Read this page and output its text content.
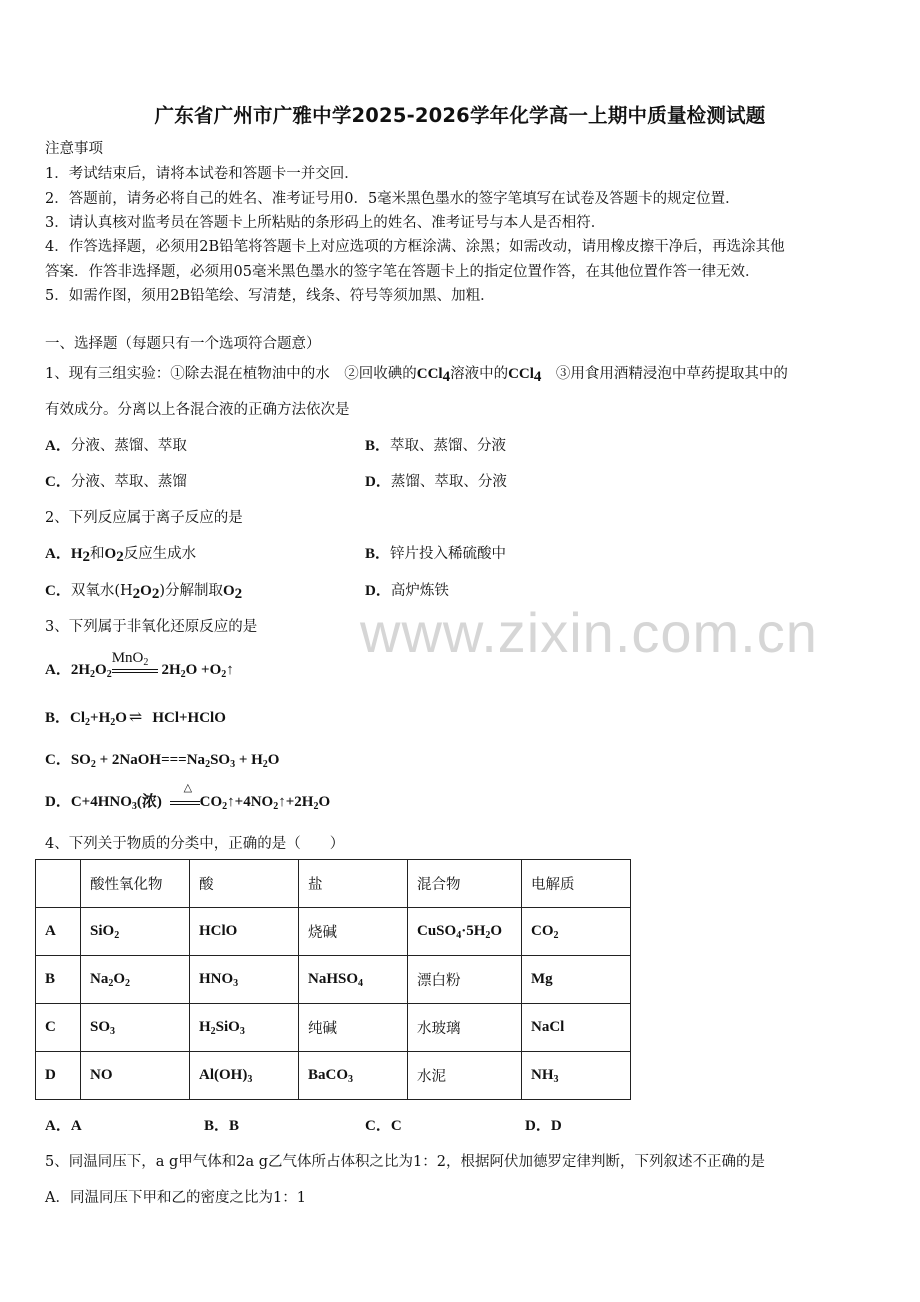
广东省广州市广雅中学2025-2026学年化学高一上期中质量检测试题
注意事项
1．考试结束后，请将本试卷和答题卡一并交回．
2．答题前，请务必将自己的姓名、准考证号用0．5毫米黑色墨水的签字笔填写在试卷及答题卡的规定位置．
3．请认真核对监考员在答题卡上所粘贴的条形码上的姓名、准考证号与本人是否相符．
4．作答选择题，必须用2B铅笔将答题卡上对应选项的方框涂满、涂黑；如需改动，请用橡皮擦干净后，再选涂其他
答案．作答非选择题，必须用05毫米黑色墨水的签字笔在答题卡上的指定位置作答，在其他位置作答一律无效．
5．如需作图，须用2B铅笔绘、写清楚，线条、符号等须加黑、加粗．
一、选择题（每题只有一个选项符合题意）
1、现有三组实验：①除去混在植物油中的水　②回收碘的CCl$_4$溶液中的CCl$_4$　③用食用酒精浸泡中草药提取其中的
有效成分。分离以上各混合液的正确方法依次是
A．分液、蒸馏、萃取	B．萃取、蒸馏、分液
C．分液、萃取、蒸馏	D．蒸馏、萃取、分液
2、下列反应属于离子反应的是
A．$H_2$和$O_2$反应生成水	B．锌片投入稀硫酸中
C．双氧水$(H_2O_2)$分解制取$O_2$	D．高炉炼铁
3、下列属于非氧化还原反应的是
A．$2H_2O_2$
MnO$_2$ $2H_2O$ $+O_2↑$
B．$Cl_2+H_2O$ ⇌ HCl+HClO
C．$SO_2$ + $2NaOH===Na_2SO_3 + H_2O$
D．$C+4HNO_3$(浓)
△
$CO_2↑+4NO_2↑+2H_2O$
4、下列关于物质的分类中，正确的是（　　）
	酸性氧化物	酸	盐	混合物	电解质
A	SiO$_2$	HClO	烧碱	$CuSO_4\cdot 5H_2O$	$CO_2$
B	$Na_2O_2$	$HNO_3$	NaHSO$_4$	漂白粉	Mg
C	$SO_3$	$H_2SiO_3$	纯碱	水玻璃	NaCl
D	NO	$Al(OH)_3$	BaCO$_3$	水泥	$NH_3$
A．A	B．B	C．C	D．D
5、同温同压下，a g甲气体和2a g乙气体所占体积之比为1：2，根据阿伏加德罗定律判断，下列叙述不正确的是
A．同温同压下甲和乙的密度之比为1：1
www.zixin.com.cn
